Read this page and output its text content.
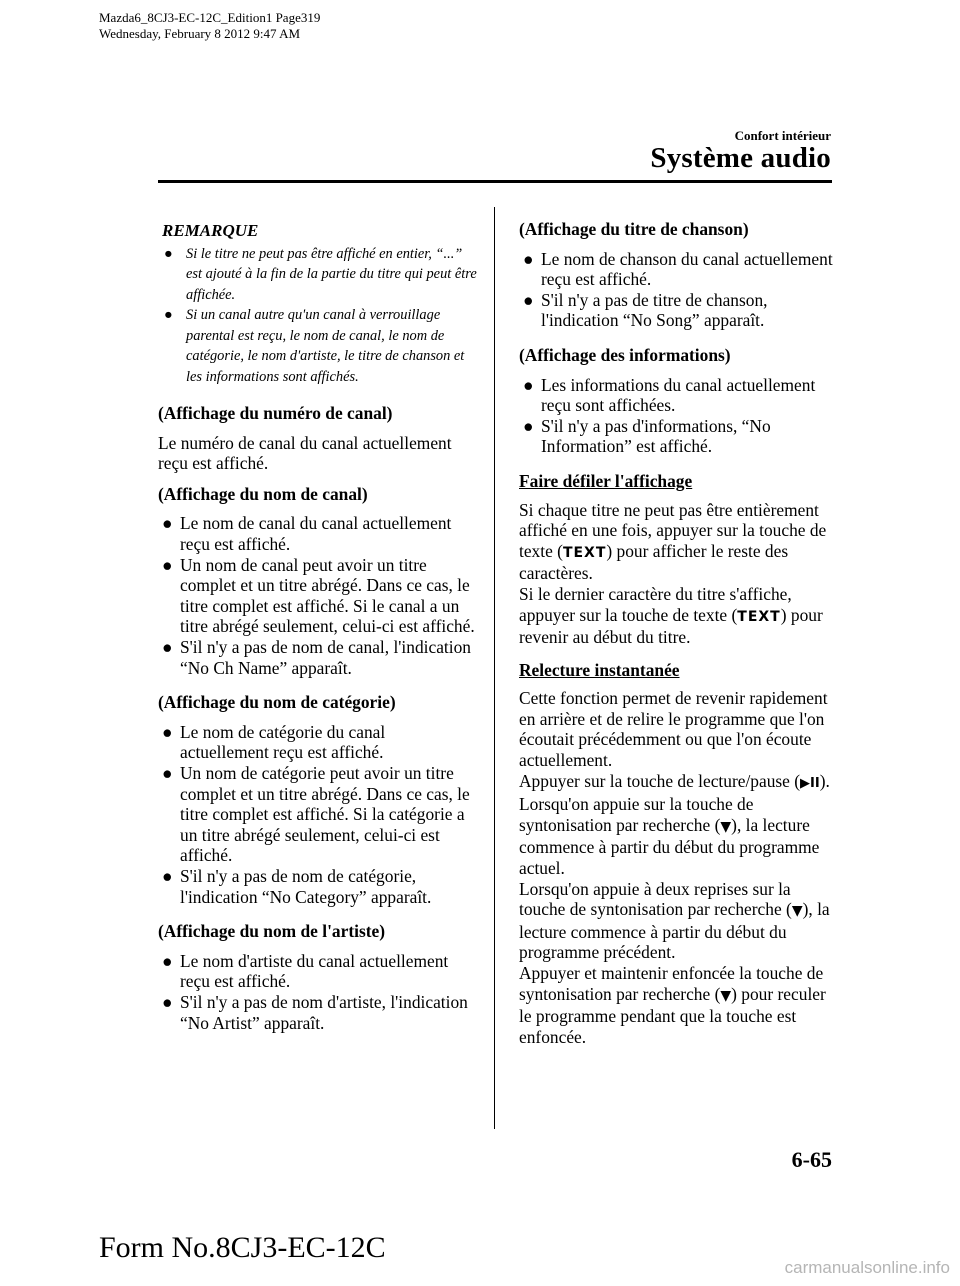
Mazda6_8CJ3-EC-12C_Edition1 Page319
Wednesday, February 8 2012 9:47 AM
Confort intérieur
Système audio
REMARQUE
● Si le titre ne peut pas être affiché en entier, “...” est ajouté à la fin de la partie du titre qui peut être affichée.
● Si un canal autre qu'un canal à verrouillage parental est reçu, le nom de canal, le nom de catégorie, le nom d'artiste, le titre de chanson et les informations sont affichés.
(Affichage du numéro de canal)
Le numéro de canal du canal actuellement reçu est affiché.
(Affichage du nom de canal)
● Le nom de canal du canal actuellement reçu est affiché.
● Un nom de canal peut avoir un titre complet et un titre abrégé. Dans ce cas, le titre complet est affiché. Si le canal a un titre abrégé seulement, celui-ci est affiché.
● S'il n'y a pas de nom de canal, l'indication “No Ch Name” apparaît.
(Affichage du nom de catégorie)
● Le nom de catégorie du canal actuellement reçu est affiché.
● Un nom de catégorie peut avoir un titre complet et un titre abrégé. Dans ce cas, le titre complet est affiché. Si la catégorie a un titre abrégé seulement, celui-ci est affiché.
● S'il n'y a pas de nom de catégorie, l'indication “No Category” apparaît.
(Affichage du nom de l'artiste)
● Le nom d'artiste du canal actuellement reçu est affiché.
● S'il n'y a pas de nom d'artiste, l'indication “No Artist” apparaît.
(Affichage du titre de chanson)
● Le nom de chanson du canal actuellement reçu est affiché.
● S'il n'y a pas de titre de chanson, l'indication “No Song” apparaît.
(Affichage des informations)
● Les informations du canal actuellement reçu sont affichées.
● S'il n'y a pas d'informations, “No Information” est affiché.
Faire défiler l'affichage
Si chaque titre ne peut pas être entièrement affiché en une fois, appuyer sur la touche de texte (TEXT) pour afficher le reste des caractères.
Si le dernier caractère du titre s'affiche, appuyer sur la touche de texte (TEXT) pour revenir au début du titre.
Relecture instantanée
Cette fonction permet de revenir rapidement en arrière et de relire le programme que l'on écoutait précédemment ou que l'on écoute actuellement.
Appuyer sur la touche de lecture/pause (▶II).
Lorsqu'on appuie sur la touche de syntonisation par recherche (▼), la lecture commence à partir du début du programme actuel.
Lorsqu'on appuie à deux reprises sur la touche de syntonisation par recherche (▼), la lecture commence à partir du début du programme précédent.
Appuyer et maintenir enfoncée la touche de syntonisation par recherche (▼) pour reculer le programme pendant que la touche est enfoncée.
6-65
Form No.8CJ3-EC-12C
carmanualsonline.info
